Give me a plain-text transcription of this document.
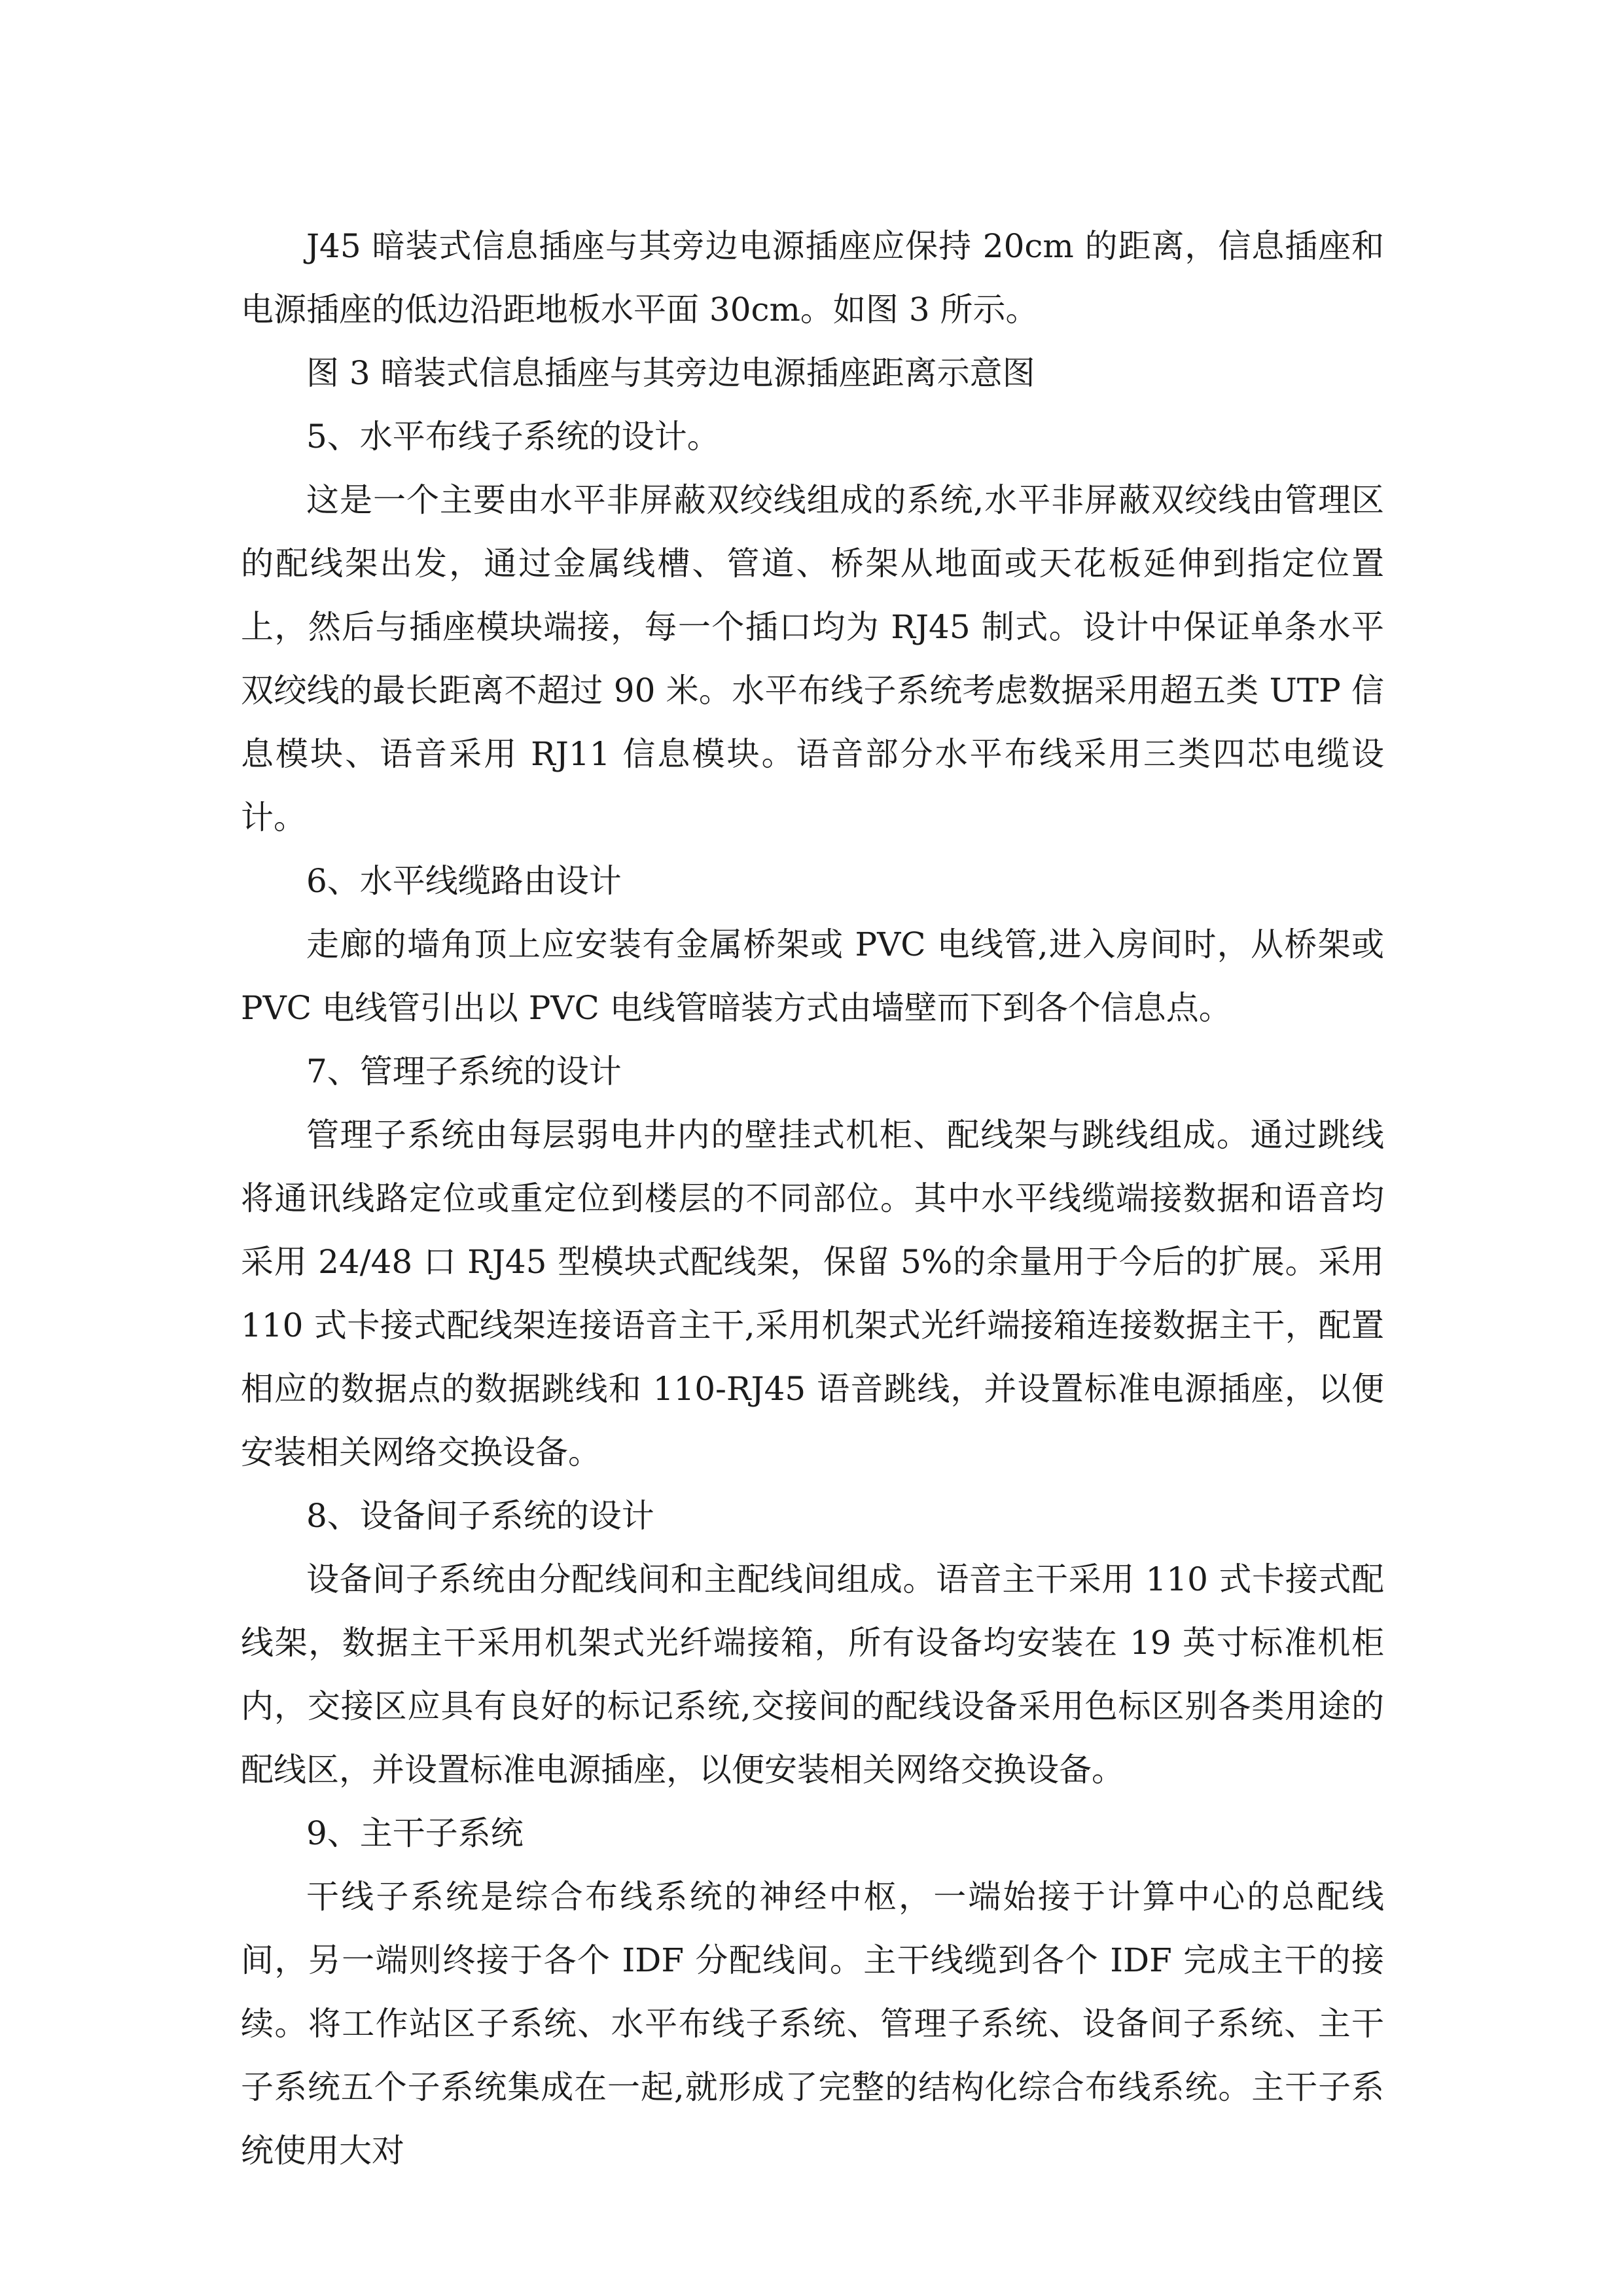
J45 暗装式信息插座与其旁边电源插座应保持 20cm 的距离，信息插座和电源插座的低边沿距地板水平面 30cm。如图 3 所示。

图 3 暗装式信息插座与其旁边电源插座距离示意图

5、水平布线子系统的设计。

这是一个主要由水平非屏蔽双绞线组成的系统,水平非屏蔽双绞线由管理区的配线架出发，通过金属线槽、管道、桥架从地面或天花板延伸到指定位置上，然后与插座模块端接，每一个插口均为 RJ45 制式。设计中保证单条水平双绞线的最长距离不超过 90 米。水平布线子系统考虑数据采用超五类 UTP 信息模块、语音采用 RJ11 信息模块。语音部分水平布线采用三类四芯电缆设计。

6、水平线缆路由设计

走廊的墙角顶上应安装有金属桥架或 PVC 电线管,进入房间时，从桥架或 PVC 电线管引出以 PVC 电线管暗装方式由墙壁而下到各个信息点。

7、管理子系统的设计

管理子系统由每层弱电井内的壁挂式机柜、配线架与跳线组成。通过跳线将通讯线路定位或重定位到楼层的不同部位。其中水平线缆端接数据和语音均采用 24/48 口 RJ45 型模块式配线架，保留 5%的余量用于今后的扩展。采用 110 式卡接式配线架连接语音主干,采用机架式光纤端接箱连接数据主干，配置相应的数据点的数据跳线和 110-RJ45 语音跳线，并设置标准电源插座，以便安装相关网络交换设备。

8、设备间子系统的设计

设备间子系统由分配线间和主配线间组成。语音主干采用 110 式卡接式配线架，数据主干采用机架式光纤端接箱，所有设备均安装在 19 英寸标准机柜内，交接区应具有良好的标记系统,交接间的配线设备采用色标区别各类用途的配线区，并设置标准电源插座，以便安装相关网络交换设备。

9、主干子系统

干线子系统是综合布线系统的神经中枢，一端始接于计算中心的总配线间，另一端则终接于各个 IDF 分配线间。主干线缆到各个 IDF 完成主干的接续。将工作站区子系统、水平布线子系统、管理子系统、设备间子系统、主干子系统五个子系统集成在一起,就形成了完整的结构化综合布线系统。主干子系统使用大对
